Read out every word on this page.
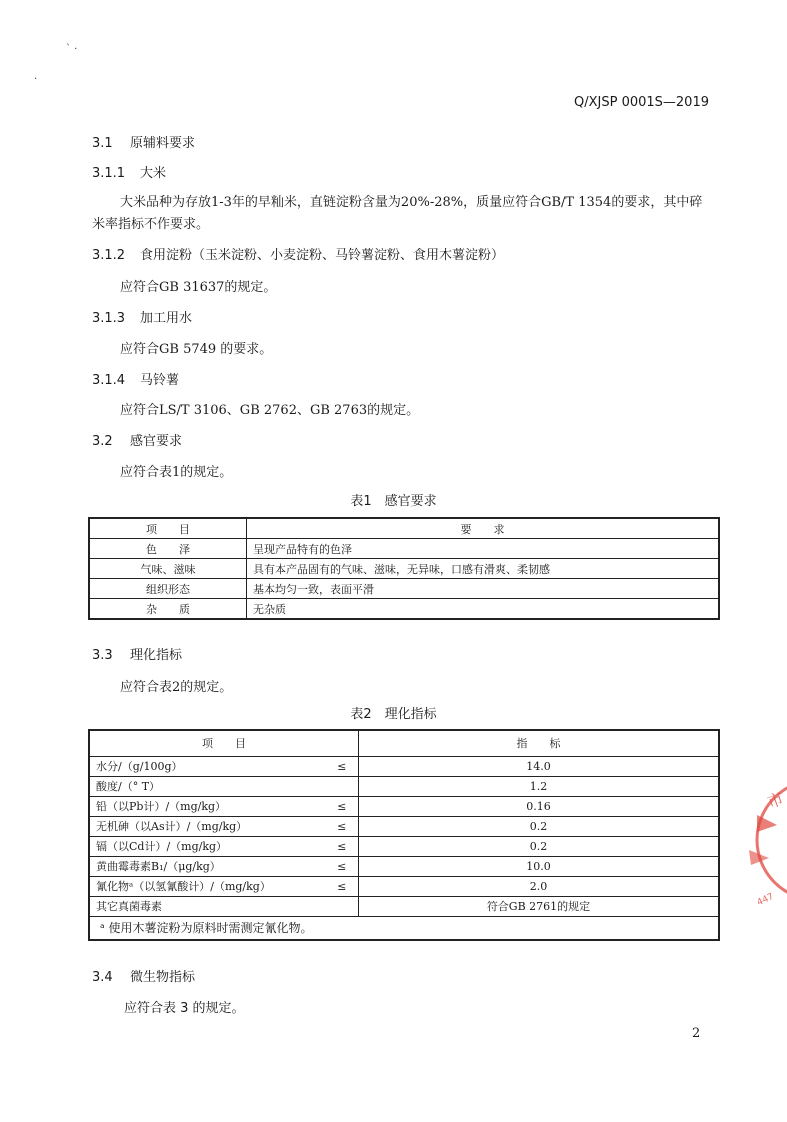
` ·
·
Q/XJSP 0001S—2019
3.1 原辅料要求
3.1.1 大米
大米品种为存放1-3年的早籼米，直链淀粉含量为20%-28%，质量应符合GB/T 1354的要求，其中碎
米率指标不作要求。
3.1.2 食用淀粉（玉米淀粉、小麦淀粉、马铃薯淀粉、食用木薯淀粉）
应符合GB 31637的规定。
3.1.3 加工用水
应符合GB 5749 的要求。
3.1.4 马铃薯
应符合LS/T 3106、GB 2762、GB 2763的规定。
3.2 感官要求
应符合表1的规定。
表1　感官要求
项　　目	要　　求
色　　泽	呈现产品特有的色泽
气味、滋味	具有本产品固有的气味、滋味，无异味，口感有滑爽、柔韧感
组织形态	基本均匀一致，表面平滑
杂　　质	无杂质
3.3 理化指标
应符合表2的规定。
表2　理化指标
项　　目		指　　标
水分/（g/100g）	≤	14.0
酸度/（° T）		1.2
铅（以Pb计）/（mg/kg）	≤	0.16
无机砷（以As计）/（mg/kg）	≤	0.2
镉（以Cd计）/（mg/kg）	≤	0.2
黄曲霉毒素B₁/（μg/kg）	≤	10.0
氰化物ᵃ（以氢氰酸计）/（mg/kg）	≤	2.0
其它真菌毒素		符合GB 2761的规定
ᵃ 使用木薯淀粉为原料时需测定氰化物。		
3.4 微生物指标
应符合表 3 的规定。
2
市
447
